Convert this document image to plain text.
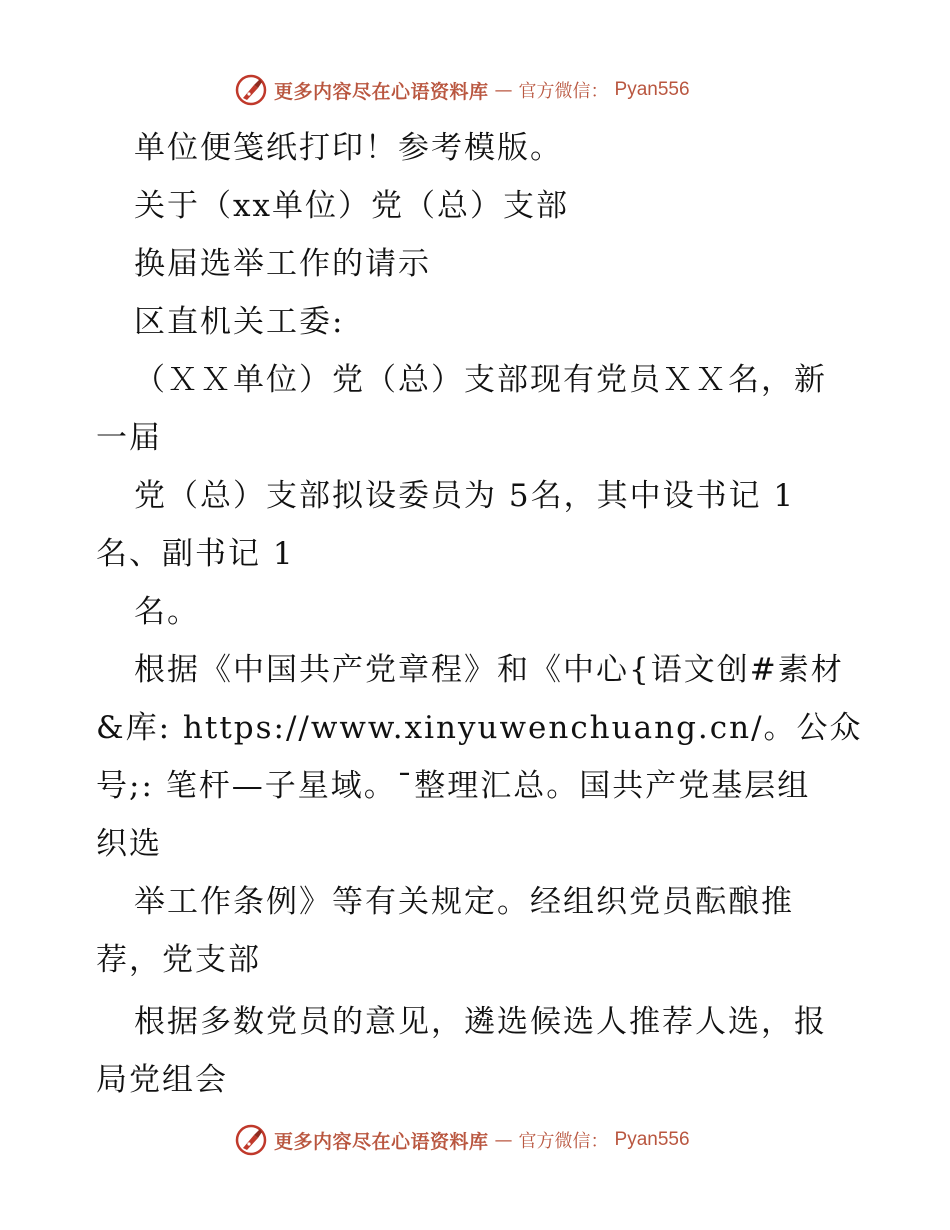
更多内容尽在心语资料库 — 官方微信： Pyan556
单位便笺纸打印！参考模版。
关于（xx单位）党（总）支部
换届选举工作的请示
区直机关工委:
（ＸＸ单位）党（总）支部现有党员ＸＸ名，新
一届
党（总）支部拟设委员为 5名，其中设书记 1
名、副书记 1
名。
根据《中国共产党章程》和《中心{语文创#素材
&库: https://www.xinyuwenchuang.cn/。公众
号;: 笔杆—子星域。¯整理汇总。国共产党基层组
织选
举工作条例》等有关规定。经组织党员酝酿推
荐，党支部
根据多数党员的意见，遴选候选人推荐人选，报
局党组会
更多内容尽在心语资料库 — 官方微信： Pyan556
